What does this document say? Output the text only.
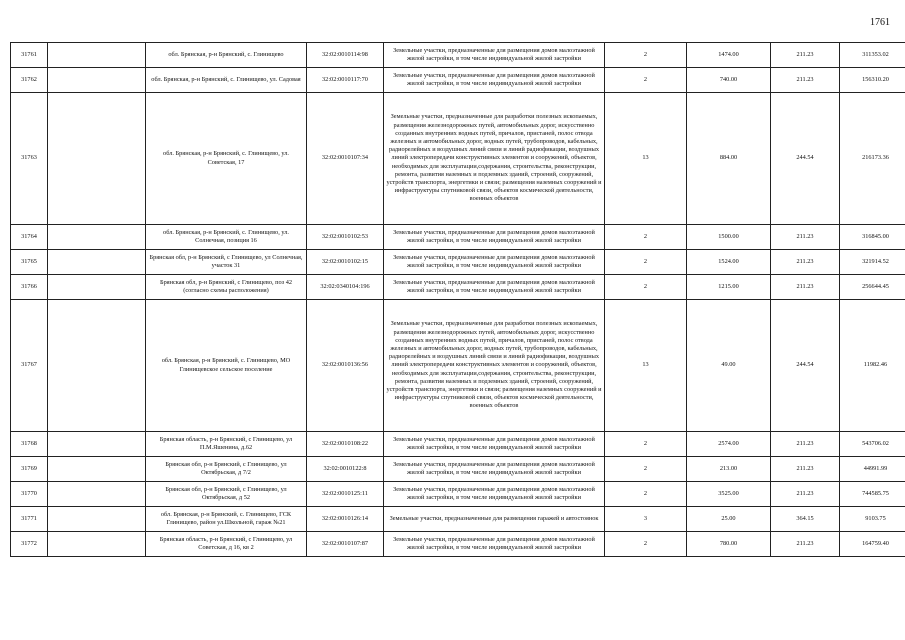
1761
31761		обл. Брянская, р-н Брянский, с. Глинищево	32:02:0010114:98	Земельные участки, предназначенные для размещения домов малоэтажной жилой застройки, в том числе индивидуальной жилой застройки	2	1474.00	211.23	311353.02
31762		обл. Брянская, р-н Брянский, с. Глинищево, ул. Садовая	32:02:0010117:70	Земельные участки, предназначенные для размещения домов малоэтажной жилой застройки, в том числе индивидуальной жилой застройки	2	740.00	211.23	156310.20
31763		обл. Брянская, р-н Брянский, с. Глинищево, ул. Советская, 17	32:02:0010107:34	Земельные участки, предназначенные для разработки полезных ископаемых, размещения железнодорожных путей, автомобильных дорог, искусственно созданных внутренних водных путей, причалов, пристаней, полос отвода железных и автомобильных дорог, водных путей, трубопроводов, кабельных, радиорелейных и воздушных линий связи и линий радиофикации, воздушных линий электропередачи конструктивных элементов и сооружений, объектов, необходимых для эксплуатации,содержания, строительства, реконструкции, ремонта, развития наземных и подземных зданий, строений, сооружений, устройств транспорта, энергетики и связи; размещения наземных сооружений и инфраструктуры спутниковой связи, объектов космической деятельности, военных объектов	13	884.00	244.54	216173.36
31764		обл. Брянская, р-н Брянский, с. Глинищево, ул. Солнечная, позиция 16	32:02:0010102:53	Земельные участки, предназначенные для размещения домов малоэтажной жилой застройки, в том числе индивидуальной жилой застройки	2	1500.00	211.23	316845.00
31765		Брянская обл, р-н Брянский, с Глинищево, ул Солнечная, участок 31	32:02:0010102:15	Земельные участки, предназначенные для размещения домов малоэтажной жилой застройки, в том числе индивидуальной жилой застройки	2	1524.00	211.23	321914.52
31766		Брянская обл, р-н Брянский, с Глинищево, поз 42 (согласно схемы расположения)	32:02:0340104:196	Земельные участки, предназначенные для размещения домов малоэтажной жилой застройки, в том числе индивидуальной жилой застройки	2	1215.00	211.23	256644.45
31767		обл. Брянская, р-н Брянский, с. Глинищево, МО Глинищевское сельское поселение	32:02:0010136:56	Земельные участки, предназначенные для разработки полезных ископаемых, размещения железнодорожных путей, автомобильных дорог, искусственно созданных внутренних водных путей, причалов, пристаней, полос отвода железных и автомобильных дорог, водных путей, трубопроводов, кабельных, радиорелейных и воздушных линий связи и линий радиофикации, воздушных линий электропередачи конструктивных элементов и сооружений, объектов, необходимых для эксплуатации,содержания, строительства, реконструкции, ремонта, развития наземных и подземных зданий, строений, сооружений, устройств транспорта, энергетики и связи; размещения наземных сооружений и инфраструктуры спутниковой связи, объектов космической деятельности, военных объектов	13	49.00	244.54	11982.46
31768		Брянская область, р-н Брянский, с Глинищево, ул П.М.Яшенина, д.62	32:02:0010108:22	Земельные участки, предназначенные для размещения домов малоэтажной жилой застройки, в том числе индивидуальной жилой застройки	2	2574.00	211.23	543706.02
31769		Брянская обл, р-н Брянский, с Глинищево, ул Октябрьская, д 7/2	32:02:0010122:8	Земельные участки, предназначенные для размещения домов малоэтажной жилой застройки, в том числе индивидуальной жилой застройки	2	213.00	211.23	44991.99
31770		Брянская обл, р-н Брянский, с Глинищево, ул Октябрьская, д 52	32:02:0010125:11	Земельные участки, предназначенные для размещения домов малоэтажной жилой застройки, в том числе индивидуальной жилой застройки	2	3525.00	211.23	744585.75
31771		обл. Брянская, р-н Брянский, с. Глинищево, ГСК Глинищево, район ул.Школьной, гараж №21	32:02:0010126:14	Земельные участки, предназначенные для размещения гаражей и автостоянок	3	25.00	364.15	9103.75
31772		Брянская область, р-н Брянский, с Глинищево, ул Советская, д 16, кв 2	32:02:0010107:87	Земельные участки, предназначенные для размещения домов малоэтажной жилой застройки, в том числе индивидуальной жилой застройки	2	780.00	211.23	164759.40
